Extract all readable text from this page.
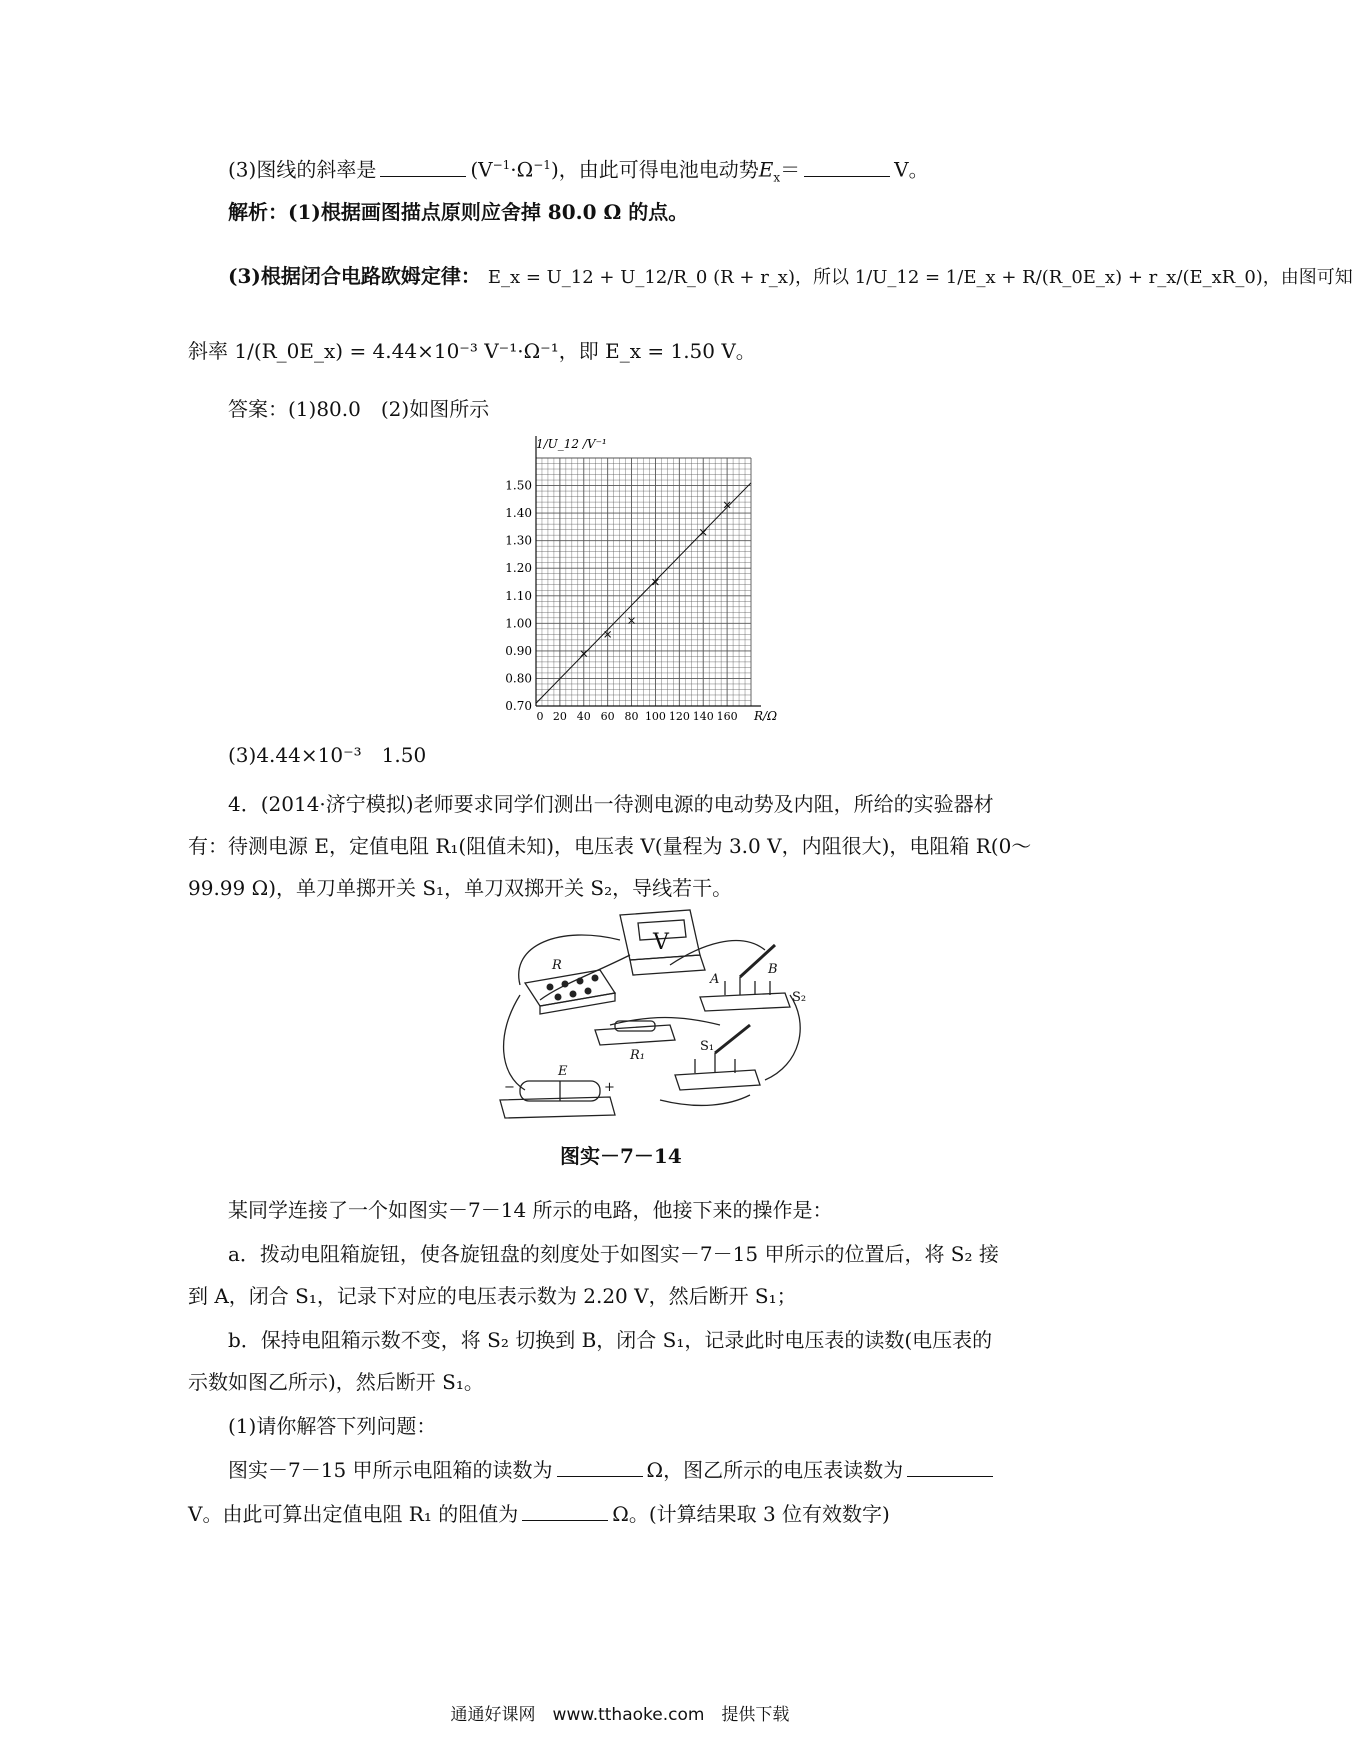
(3)图线的斜率是	$(V^{-1}\cdot\Omega^{-1})$，由此可得电池电动势$E_x=$	V。
解析：(1)根据画图描点原则应舍掉 80.0 Ω 的点。
(3)根据闭合电路欧姆定律： E_x = U_12 + U_12/R_0 (R + r_x)，所以 1/U_12 = 1/E_x + R/(R_0E_x) + r_x/(E_xR_0)，由图可知
斜率 1/(R_0E_x) = 4.44×10⁻³ V⁻¹·Ω⁻¹，即 E_x = 1.50 V。
答案：(1)80.0　 (2)如图所示
0.70
0.80
0.90
1.00
1.10
1.20
1.30
1.40
1.50
0 20 40 60 80 100 120 140 160
1/U_12 /V⁻¹
R/Ω
(3)4.44×10⁻³　1.50
4．(2014·济宁模拟)老师要求同学们测出一待测电源的电动势及内阻，所给的实验器材
有：待测电源 E，定值电阻 R₁(阻值未知)，电压表 V(量程为 3.0 V，内阻很大)，电阻箱 R(0～
99.99 Ω)，单刀单掷开关 S₁，单刀双掷开关 S₂，导线若干。
V
R
A
B
S₂
S₁
R₁
E
−	+
图实－7－14
某同学连接了一个如图实－7－14 所示的电路，他接下来的操作是：
a．拨动电阻箱旋钮，使各旋钮盘的刻度处于如图实－7－15 甲所示的位置后，将 S₂ 接
到 A，闭合 S₁，记录下对应的电压表示数为 2.20 V，然后断开 S₁；
b．保持电阻箱示数不变，将 S₂ 切换到 B，闭合 S₁，记录此时电压表的读数(电压表的
示数如图乙所示)，然后断开 S₁。
(1)请你解答下列问题：
图实－7－15 甲所示电阻箱的读数为	Ω，图乙所示的电压表读数为
V。由此可算出定值电阻 R₁ 的阻值为	Ω。(计算结果取 3 位有效数字)
通通好课网　www.tthaoke.com　提供下载
